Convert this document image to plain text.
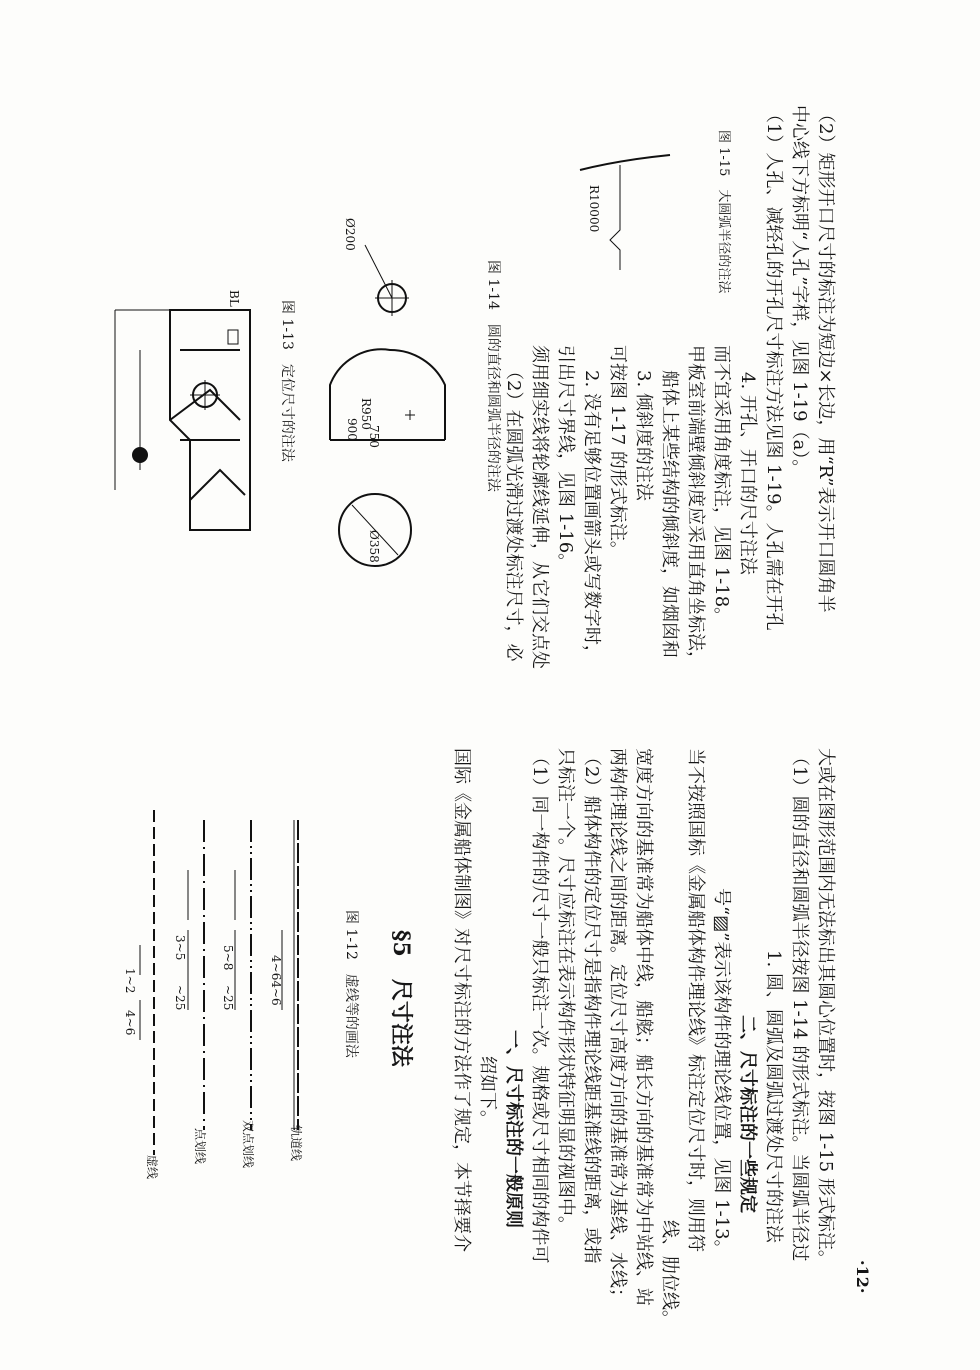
虚线
点划线	双点划线	轨道线
4~6
1~2
~25
3~5
~25
5~8	4~64~6	图 1-12　虚线等的画法 §5　尺寸注法 国际《金属船体制图》对尺寸标注的方法作了规定，本节择要介 绍如下。 一、尺寸标注的一般原则 （1）同一构件的尺寸一般只标注一次。规格或尺寸相同的构件可 只标注一个。尺寸应标注在表示构件形状特征明显的视图中。 （2）船体构件的定位尺寸是指构件理论线距基准线的距离，或指 两构件理论线之间的距离。定位尺寸高度方向的基准常为基线、水线； 宽度方向的基准常为船体中线，船舷；船长方向的基准常为中站线、站 线、肋位线。
当不按照国标《金属船体构件理论线》标注定位尺寸时，则用符 号“▨”表示该构件的理论线位置，见图 1-13。 二、尺寸标注的一些规定 1. 圆、圆弧及圆弧过渡处尺寸的注法 （1）圆的直径和圆弧半径按图 1-14 的形式标注。当圆弧半径过 大或在图形范围内无法标出其圆心位置时，按图 1-15 形式标注。
·12·
BL
图 1-13　定位尺寸的注法	900 R950
750
Ø200
Ø358
图 1-14　圆的直径和圆弧半径的注法
R10000	图 1-15　大圆弧半径的注法
（2）在圆弧光滑过渡处标注尺寸，必 须用细实线将轮廓线延伸，从它们交点处 引出尺寸界线，见图 1-16。 2. 没有足够位置画箭头或写数字时， 可按图 1-17 的形式标注。 3. 倾斜度的注法 船体上某些结构的倾斜度，如烟囱和 甲板室前端壁倾斜度应采用直角坐标法， 而不宜采用角度标注，见图 1-18。 4. 开孔、开口的尺寸注法 （1）人孔、减轻孔的开孔尺寸标注方法见图 1-19。人孔需在开孔 中心线下方标明“人孔”字样，见图 1-19（a）。 （2）矩形开口尺寸的标注为短边×长边，用“R”表示开口圆角半
